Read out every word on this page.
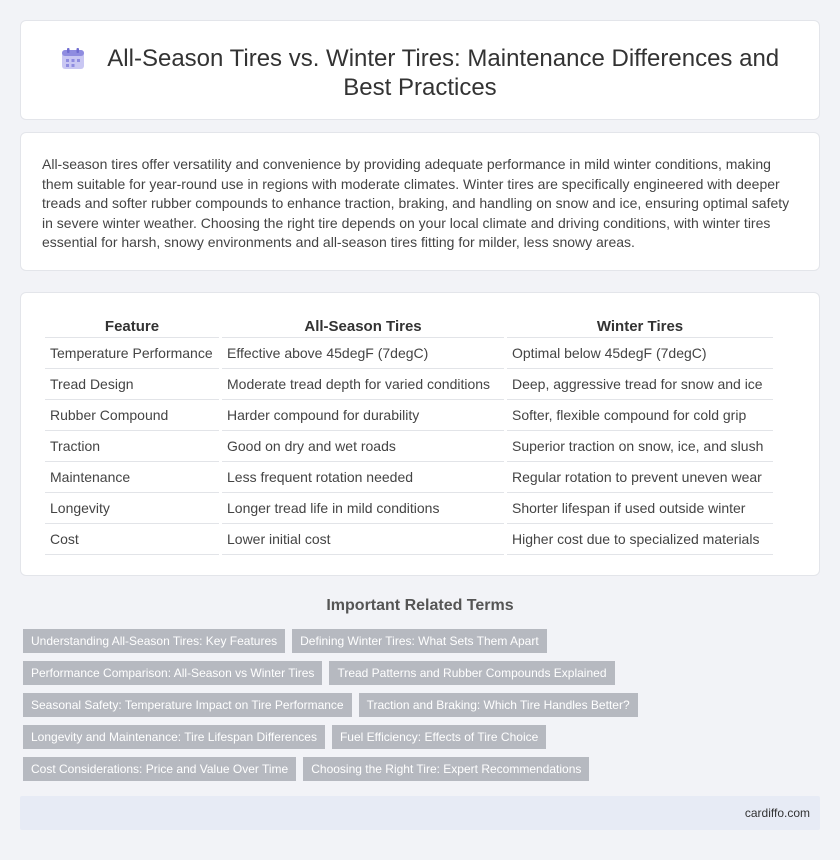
All-Season Tires vs. Winter Tires: Maintenance Differences and
Best Practices

All-season tires offer versatility and convenience by providing adequate performance in mild winter conditions, making them suitable for year-round use in regions with moderate climates. Winter tires are specifically engineered with deeper treads and softer rubber compounds to enhance traction, braking, and handling on snow and ice, ensuring optimal safety in severe winter weather. Choosing the right tire depends on your local climate and driving conditions, with winter tires essential for harsh, snowy environments and all-season tires fitting for milder, less snowy areas.

Feature	All-Season Tires	Winter Tires
Temperature Performance	Effective above 45degF (7degC)	Optimal below 45degF (7degC)
Tread Design	Moderate tread depth for varied conditions	Deep, aggressive tread for snow and ice
Rubber Compound	Harder compound for durability	Softer, flexible compound for cold grip
Traction	Good on dry and wet roads	Superior traction on snow, ice, and slush
Maintenance	Less frequent rotation needed	Regular rotation to prevent uneven wear
Longevity	Longer tread life in mild conditions	Shorter lifespan if used outside winter
Cost	Lower initial cost	Higher cost due to specialized materials
Important Related Terms
Understanding All-Season Tires: Key Features	Defining Winter Tires: What Sets Them Apart
Performance Comparison: All-Season vs Winter Tires	Tread Patterns and Rubber Compounds Explained
Seasonal Safety: Temperature Impact on Tire Performance	Traction and Braking: Which Tire Handles Better?
Longevity and Maintenance: Tire Lifespan Differences	Fuel Efficiency: Effects of Tire Choice
Cost Considerations: Price and Value Over Time	Choosing the Right Tire: Expert Recommendations
cardiffo.com
